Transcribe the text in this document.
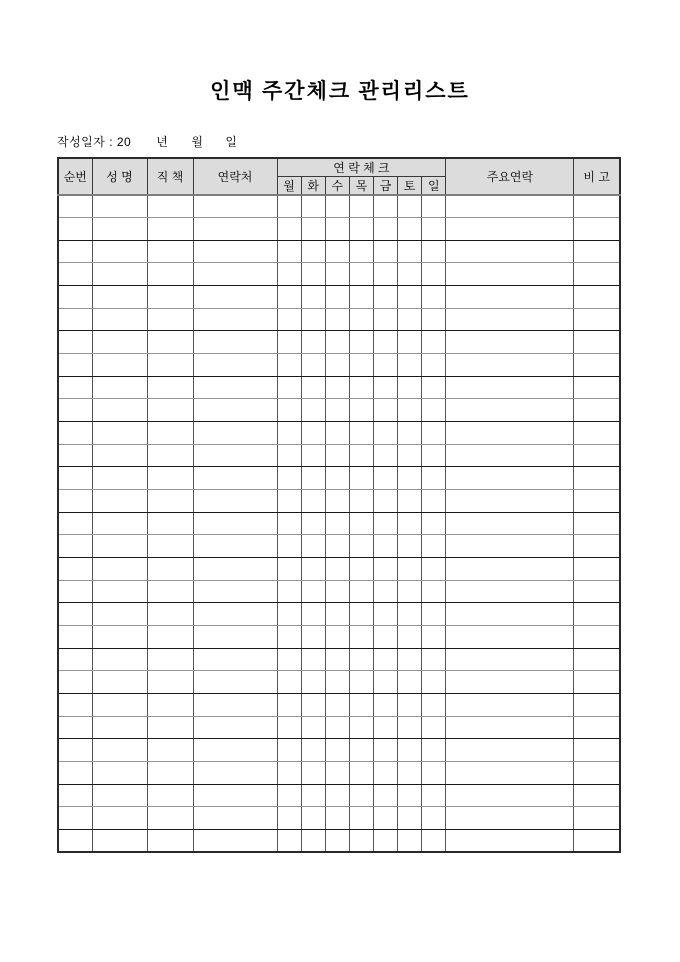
인맥 주간체크 관리리스트
작성일자 : 20 년 월 일
순번	성 명	직 책	연락처	연 락 체 크							주요연락	비 고
				월	화	수	목	금	토	일		
